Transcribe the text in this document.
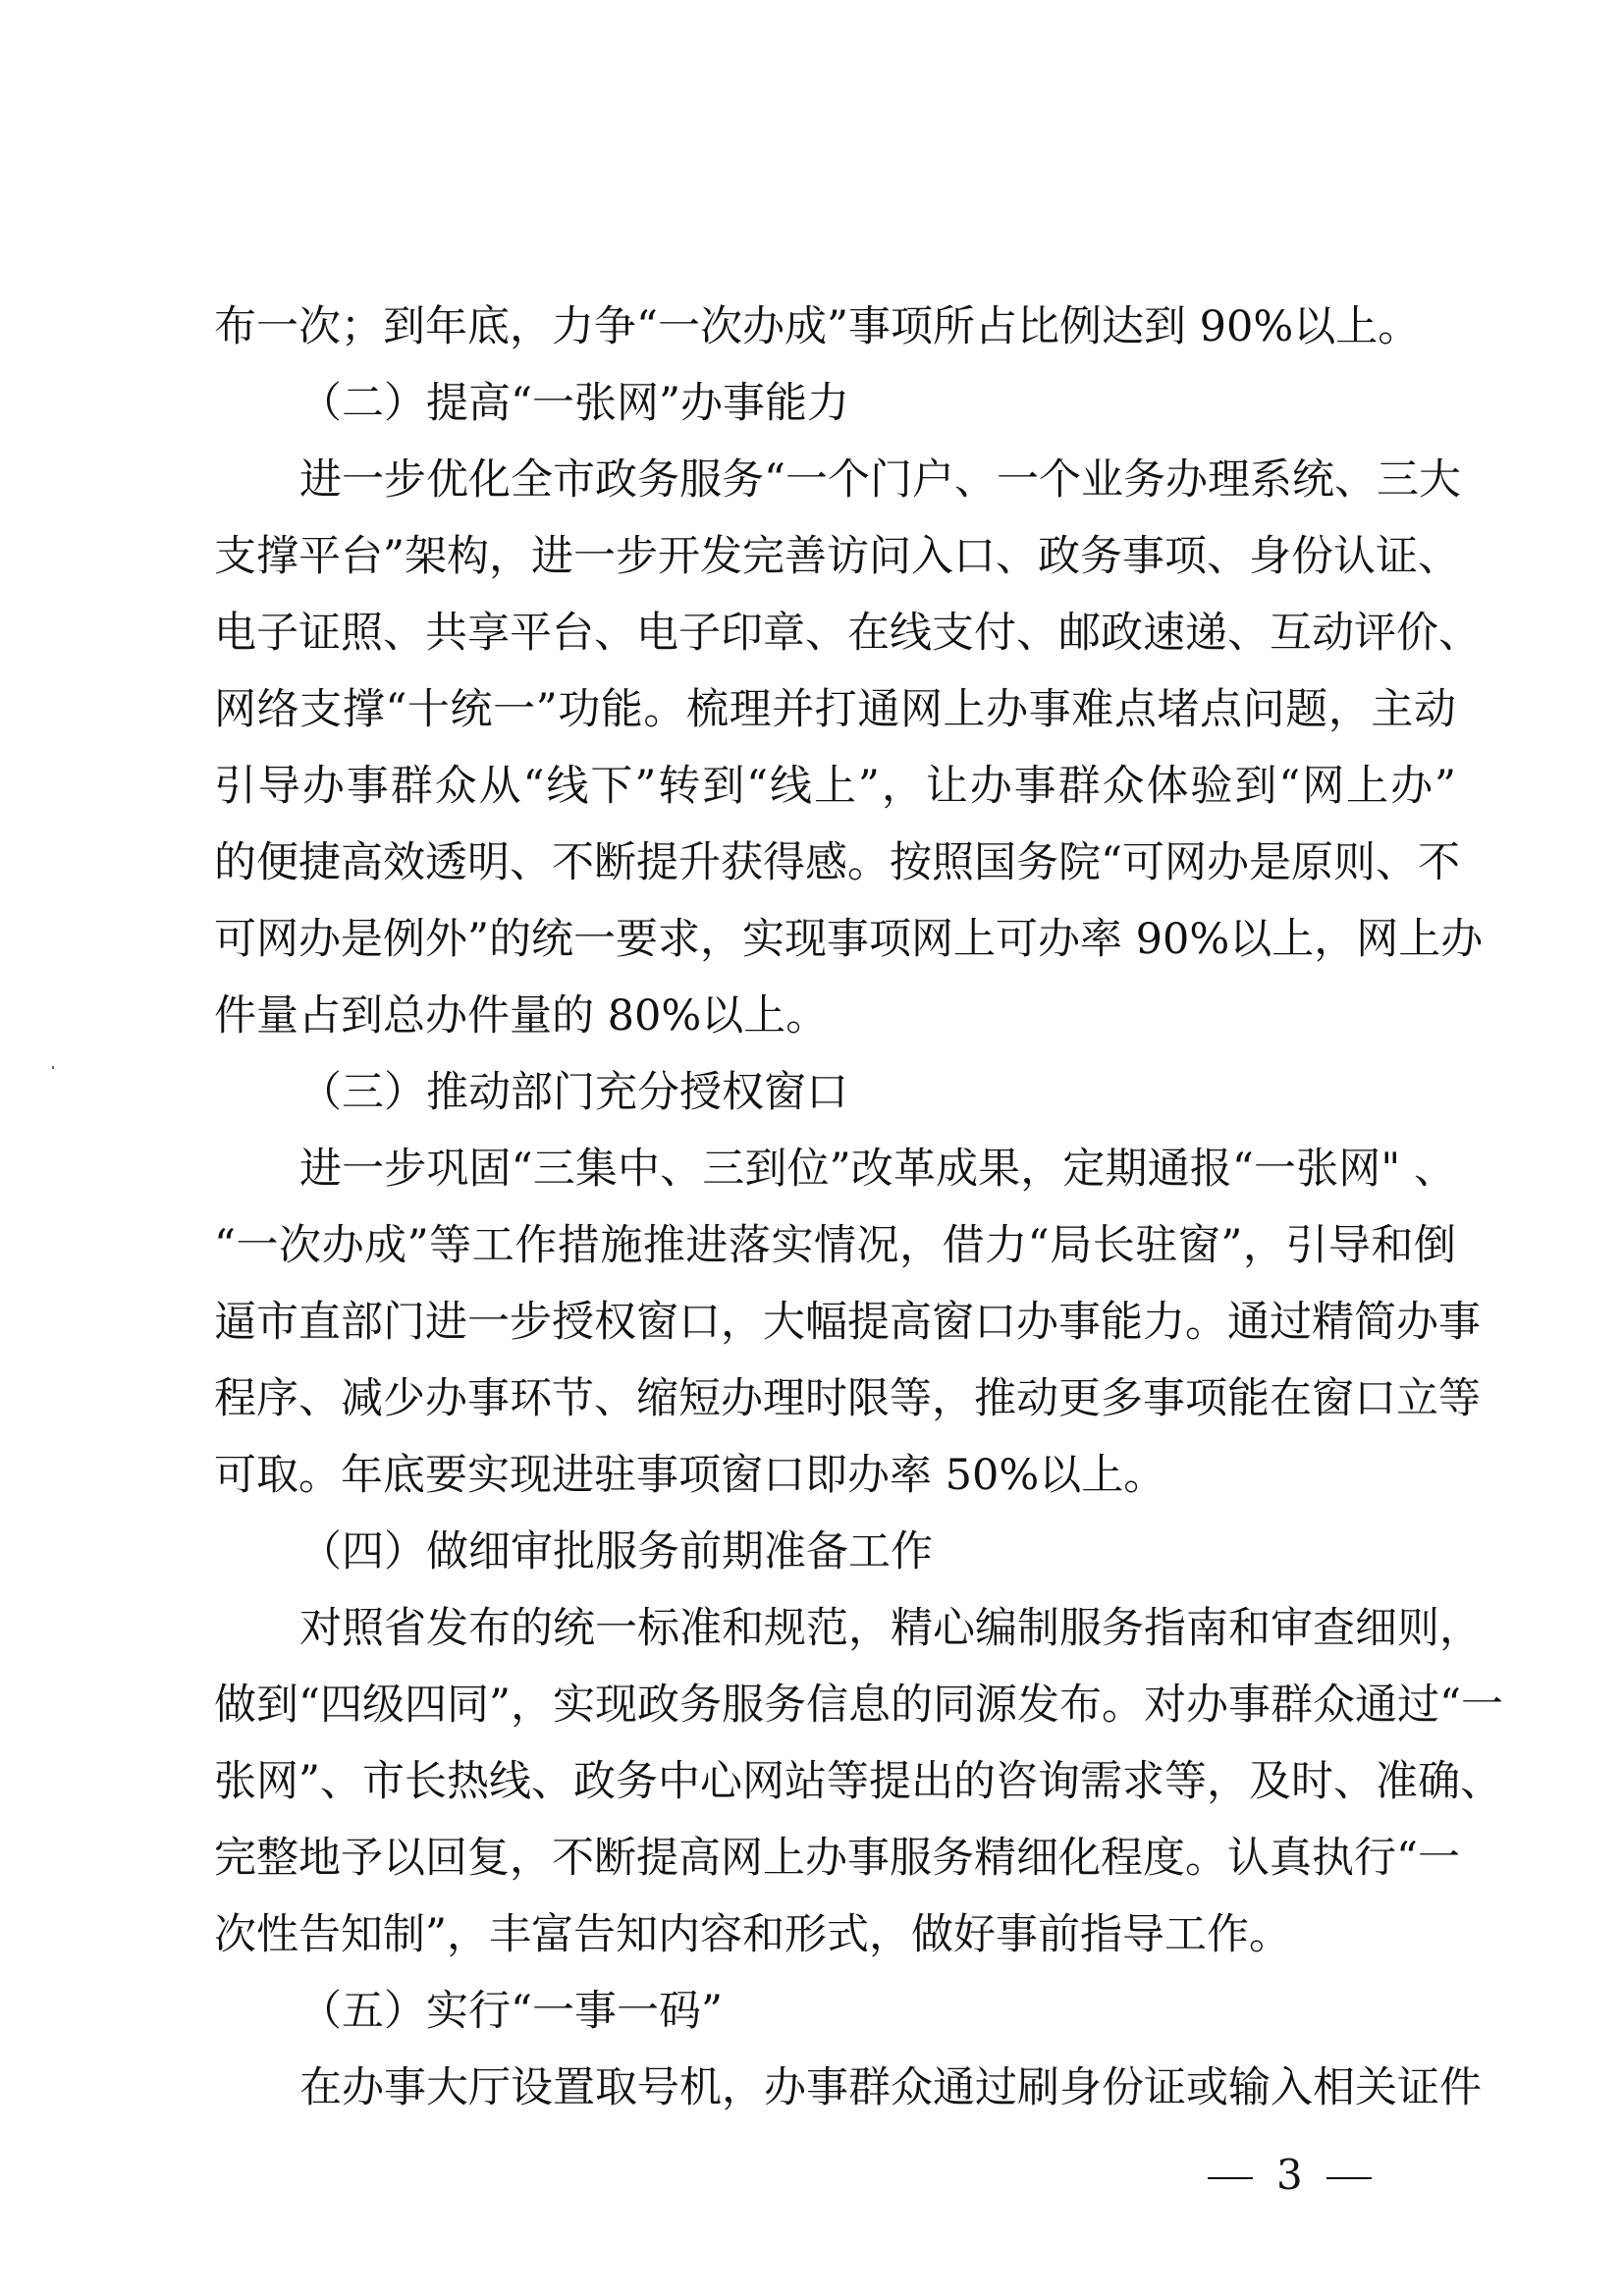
布一次；到年底，力争“一次办成”事项所占比例达到 90%以上。

（二）提高“一张网”办事能力

进一步优化全市政务服务“一个门户、一个业务办理系统、三大

支撑平台”架构，进一步开发完善访问入口、政务事项、身份认证、

电子证照、共享平台、电子印章、在线支付、邮政速递、互动评价、

网络支撑“十统一”功能。梳理并打通网上办事难点堵点问题，主动

引导办事群众从“线下”转到“线上”，让办事群众体验到“网上办”

的便捷高效透明、不断提升获得感。按照国务院“可网办是原则、不

可网办是例外”的统一要求，实现事项网上可办率 90%以上，网上办

件量占到总办件量的 80%以上。

（三）推动部门充分授权窗口

进一步巩固“三集中、三到位”改革成果，定期通报“一张网" 、

“一次办成”等工作措施推进落实情况，借力“局长驻窗”，引导和倒

逼市直部门进一步授权窗口，大幅提高窗口办事能力。通过精简办事

程序、减少办事环节、缩短办理时限等，推动更多事项能在窗口立等

可取。年底要实现进驻事项窗口即办率 50%以上。

（四）做细审批服务前期准备工作

对照省发布的统一标准和规范，精心编制服务指南和审查细则，

做到“四级四同”，实现政务服务信息的同源发布。对办事群众通过“一

张网”、市长热线、政务中心网站等提出的咨询需求等，及时、准确、

完整地予以回复，不断提高网上办事服务精细化程度。认真执行“一

次性告知制”，丰富告知内容和形式，做好事前指导工作。

（五）实行“一事一码”

在办事大厅设置取号机，办事群众通过刷身份证或输入相关证件

3
